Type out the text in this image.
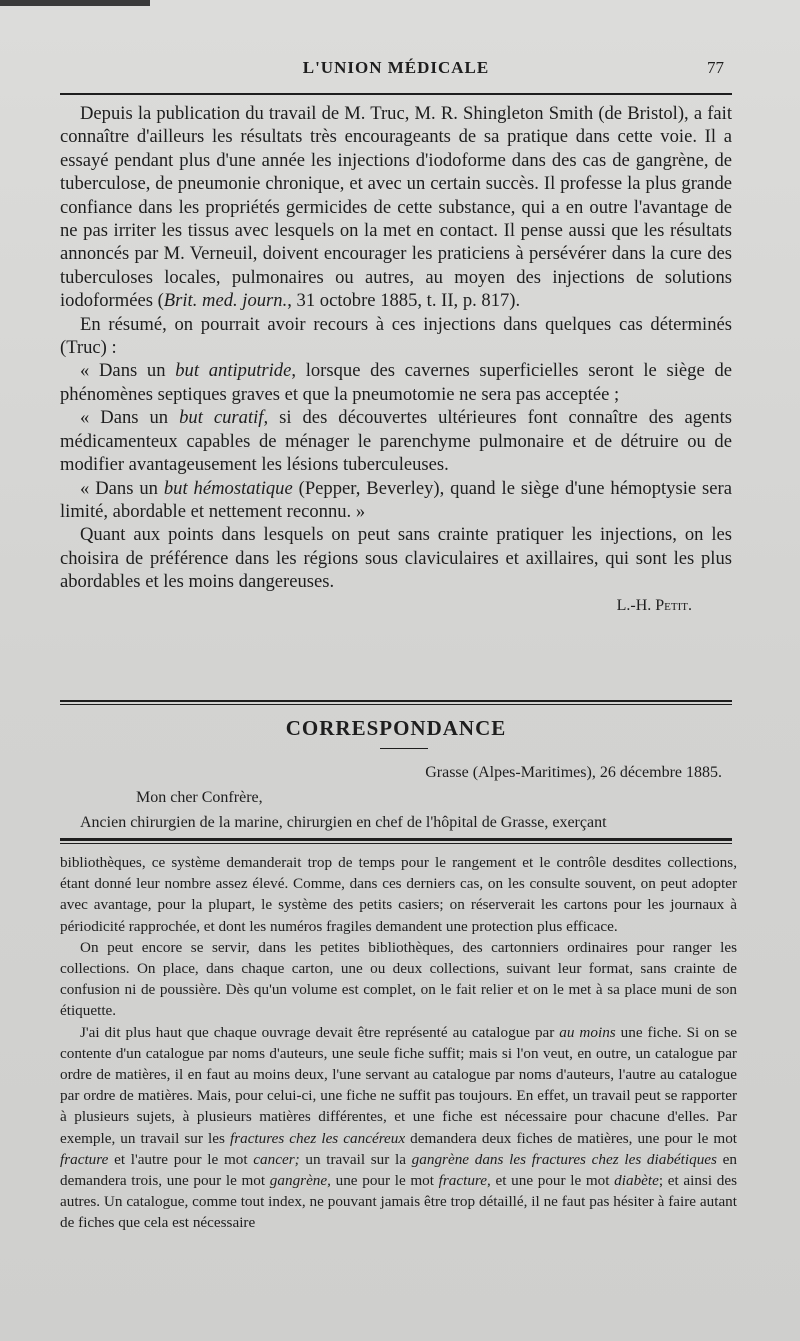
L'UNION MÉDICALE	77

Depuis la publication du travail de M. Truc, M. R. Shingleton Smith (de Bristol), a fait connaître d'ailleurs les résultats très encourageants de sa pratique dans cette voie. Il a essayé pendant plus d'une année les injections d'iodoforme dans des cas de gangrène, de tuberculose, de pneumonie chronique, et avec un certain succès. Il professe la plus grande confiance dans les propriétés germicides de cette substance, qui a en outre l'avantage de ne pas irriter les tissus avec lesquels on la met en contact. Il pense aussi que les résultats annoncés par M. Verneuil, doivent encourager les praticiens à persévérer dans la cure des tuberculoses locales, pulmonaires ou autres, au moyen des injections de solutions iodoformées (Brit. med. journ., 31 octobre 1885, t. II, p. 817).

En résumé, on pourrait avoir recours à ces injections dans quelques cas déterminés (Truc) :

« Dans un but antiputride, lorsque des cavernes superficielles seront le siège de phénomènes septiques graves et que la pneumotomie ne sera pas acceptée ;

« Dans un but curatif, si des découvertes ultérieures font connaître des agents médicamenteux capables de ménager le parenchyme pulmonaire et de détruire ou de modifier avantageusement les lésions tuberculeuses.

« Dans un but hémostatique (Pepper, Beverley), quand le siège d'une hémoptysie sera limité, abordable et nettement reconnu. »

Quant aux points dans lesquels on peut sans crainte pratiquer les injections, on les choisira de préférence dans les régions sous claviculaires et axillaires, qui sont les plus abordables et les moins dangereuses.

L.-H. Petit.
CORRESPONDANCE
Grasse (Alpes-Maritimes), 26 décembre 1885.
Mon cher Confrère,
Ancien chirurgien de la marine, chirurgien en chef de l'hôpital de Grasse, exerçant

bibliothèques, ce système demanderait trop de temps pour le rangement et le contrôle desdites collections, étant donné leur nombre assez élevé. Comme, dans ces derniers cas, on les consulte souvent, on peut adopter avec avantage, pour la plupart, le système des petits casiers; on réserverait les cartons pour les journaux à périodicité rapprochée, et dont les numéros fragiles demandent une protection plus efficace.

On peut encore se servir, dans les petites bibliothèques, des cartonniers ordinaires pour ranger les collections. On place, dans chaque carton, une ou deux collections, suivant leur format, sans crainte de confusion ni de poussière. Dès qu'un volume est complet, on le fait relier et on le met à sa place muni de son étiquette.

J'ai dit plus haut que chaque ouvrage devait être représenté au catalogue par au moins une fiche. Si on se contente d'un catalogue par noms d'auteurs, une seule fiche suffit; mais si l'on veut, en outre, un catalogue par ordre de matières, il en faut au moins deux, l'une servant au catalogue par noms d'auteurs, l'autre au catalogue par ordre de matières. Mais, pour celui-ci, une fiche ne suffit pas toujours. En effet, un travail peut se rapporter à plusieurs sujets, à plusieurs matières différentes, et une fiche est nécessaire pour chacune d'elles. Par exemple, un travail sur les fractures chez les cancéreux demandera deux fiches de matières, une pour le mot fracture et l'autre pour le mot cancer; un travail sur la gangrène dans les fractures chez les diabétiques en demandera trois, une pour le mot gangrène, une pour le mot fracture, et une pour le mot diabète; et ainsi des autres. Un catalogue, comme tout index, ne pouvant jamais être trop détaillé, il ne faut pas hésiter à faire autant de fiches que cela est nécessaire
